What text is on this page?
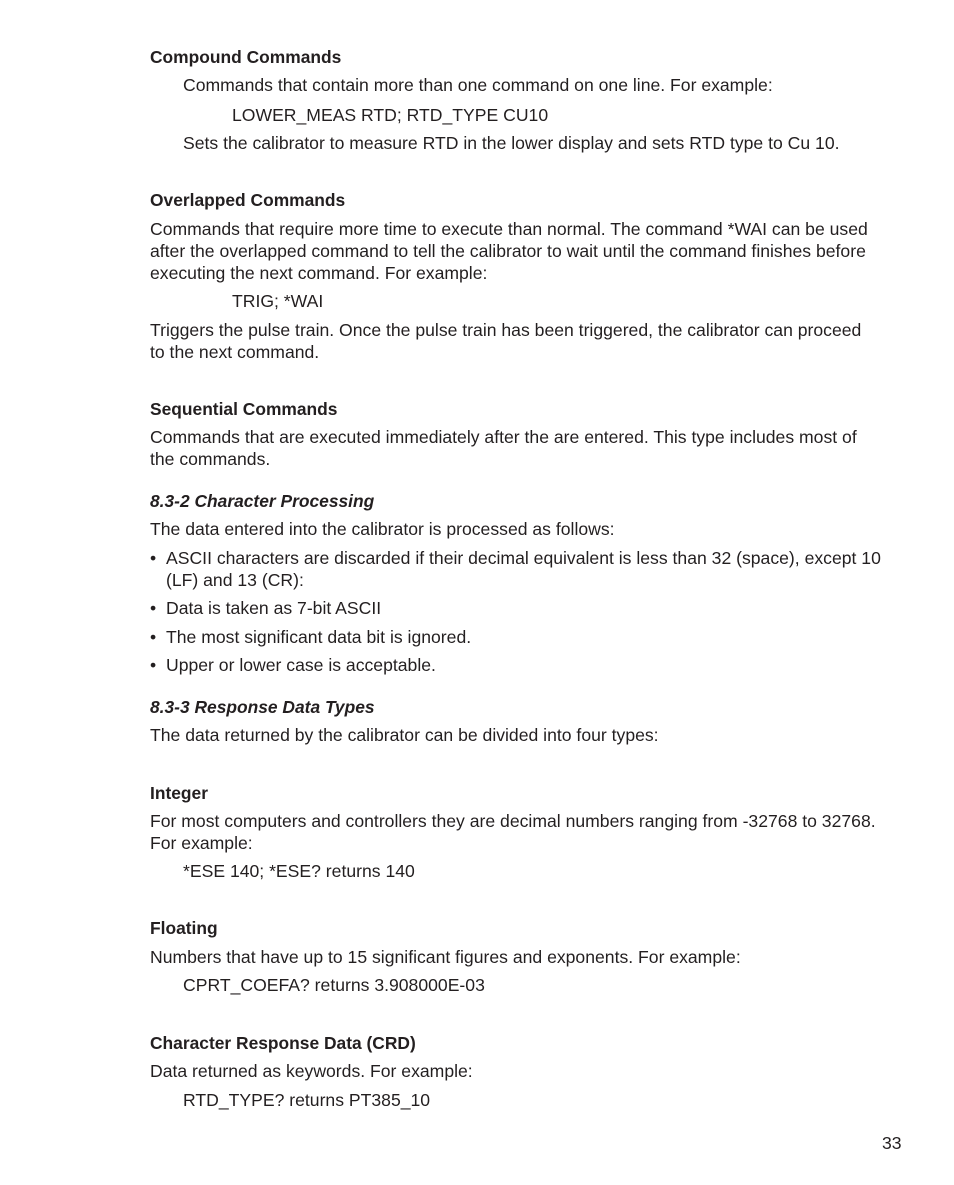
Compound Commands

Commands that contain more than one command on one line. For example:

LOWER_MEAS RTD; RTD_TYPE CU10

Sets the calibrator to measure RTD in the lower display and sets RTD type to Cu 10.

Overlapped Commands

Commands that require more time to execute than normal. The command *WAI can be used

after the overlapped command to tell the calibrator to wait until the command finishes before

executing the next command. For example:

TRIG; *WAI

Triggers the pulse train. Once the pulse train has been triggered, the calibrator can proceed

to the next command.

Sequential Commands

Commands that are executed immediately after the are entered. This type includes most of

the commands.

8.3-2 Character Processing

The data entered into the calibrator is processed as follows:

• ASCII characters are discarded if their decimal equivalent is less than 32 (space), except 10

(LF) and 13 (CR):

• Data is taken as 7-bit ASCII

• The most significant data bit is ignored.

• Upper or lower case is acceptable.

8.3-3 Response Data Types

The data returned by the calibrator can be divided into four types:

Integer

For most computers and controllers they are decimal numbers ranging from -32768 to 32768.

For example:

*ESE 140; *ESE? returns 140

Floating

Numbers that have up to 15 significant figures and exponents. For example:

CPRT_COEFA? returns 3.908000E-03

Character Response Data (CRD)

Data returned as keywords. For example:

RTD_TYPE? returns PT385_10

33
